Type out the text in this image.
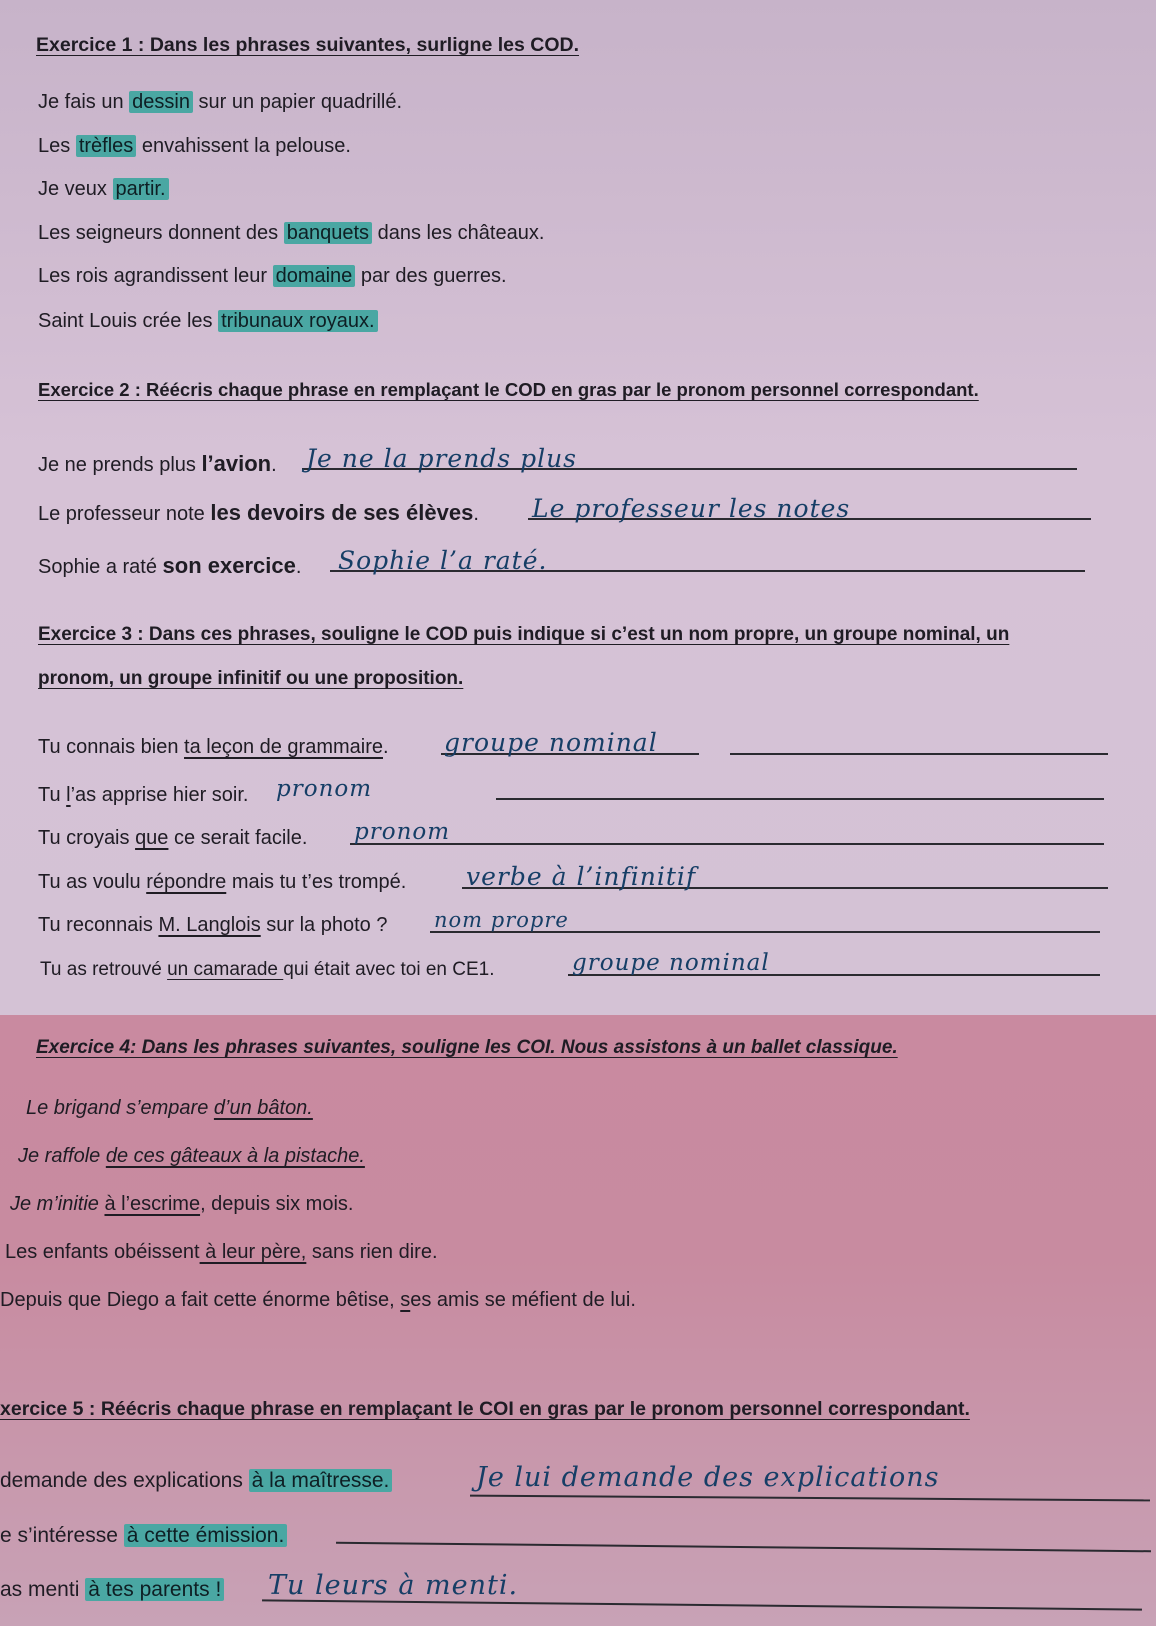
Exercice 1 : Dans les phrases suivantes, surligne les COD.
Je fais un dessin sur un papier quadrillé.
Les trèfles envahissent la pelouse.
Je veux partir.
Les seigneurs donnent des banquets dans les châteaux.
Les rois agrandissent leur domaine par des guerres.
Saint Louis crée les tribunaux royaux.
Exercice 2 : Réécris chaque phrase en remplaçant le COD en gras par le pronom personnel correspondant.
Je ne prends plus l’avion. Je ne la prends plus
Le professeur note les devoirs de ses élèves. Le professeur les notes
Sophie a raté son exercice. Sophie l’a raté.
Exercice 3 : Dans ces phrases, souligne le COD puis indique si c’est un nom propre, un groupe nominal, un
pronom, un groupe infinitif ou une proposition.
Tu connais bien ta leçon de grammaire. groupe nominal
Tu l’as apprise hier soir. pronom
Tu croyais que ce serait facile. pronom
Tu as voulu répondre mais tu t’es trompé. verbe à l’infinitif
Tu reconnais M. Langlois sur la photo ? nom propre
Tu as retrouvé un camarade qui était avec toi en CE1.	groupe nominal
Exercice 4: Dans les phrases suivantes, souligne les COI. Nous assistons à un ballet classique.
Le brigand s’empare d’un bâton.
Je raffole de ces gâteaux à la pistache.
Je m’initie à l’escrime, depuis six mois.
Les enfants obéissent à leur père, sans rien dire.
Depuis que Diego a fait cette énorme bêtise, ses amis se méfient de lui.
xercice 5 : Réécris chaque phrase en remplaçant le COI en gras par le pronom personnel correspondant.
demande des explications à la maîtresse.	Je lui demande des explications
e s’intéresse à cette émission.
as menti à tes parents ! Tu leurs à menti.
